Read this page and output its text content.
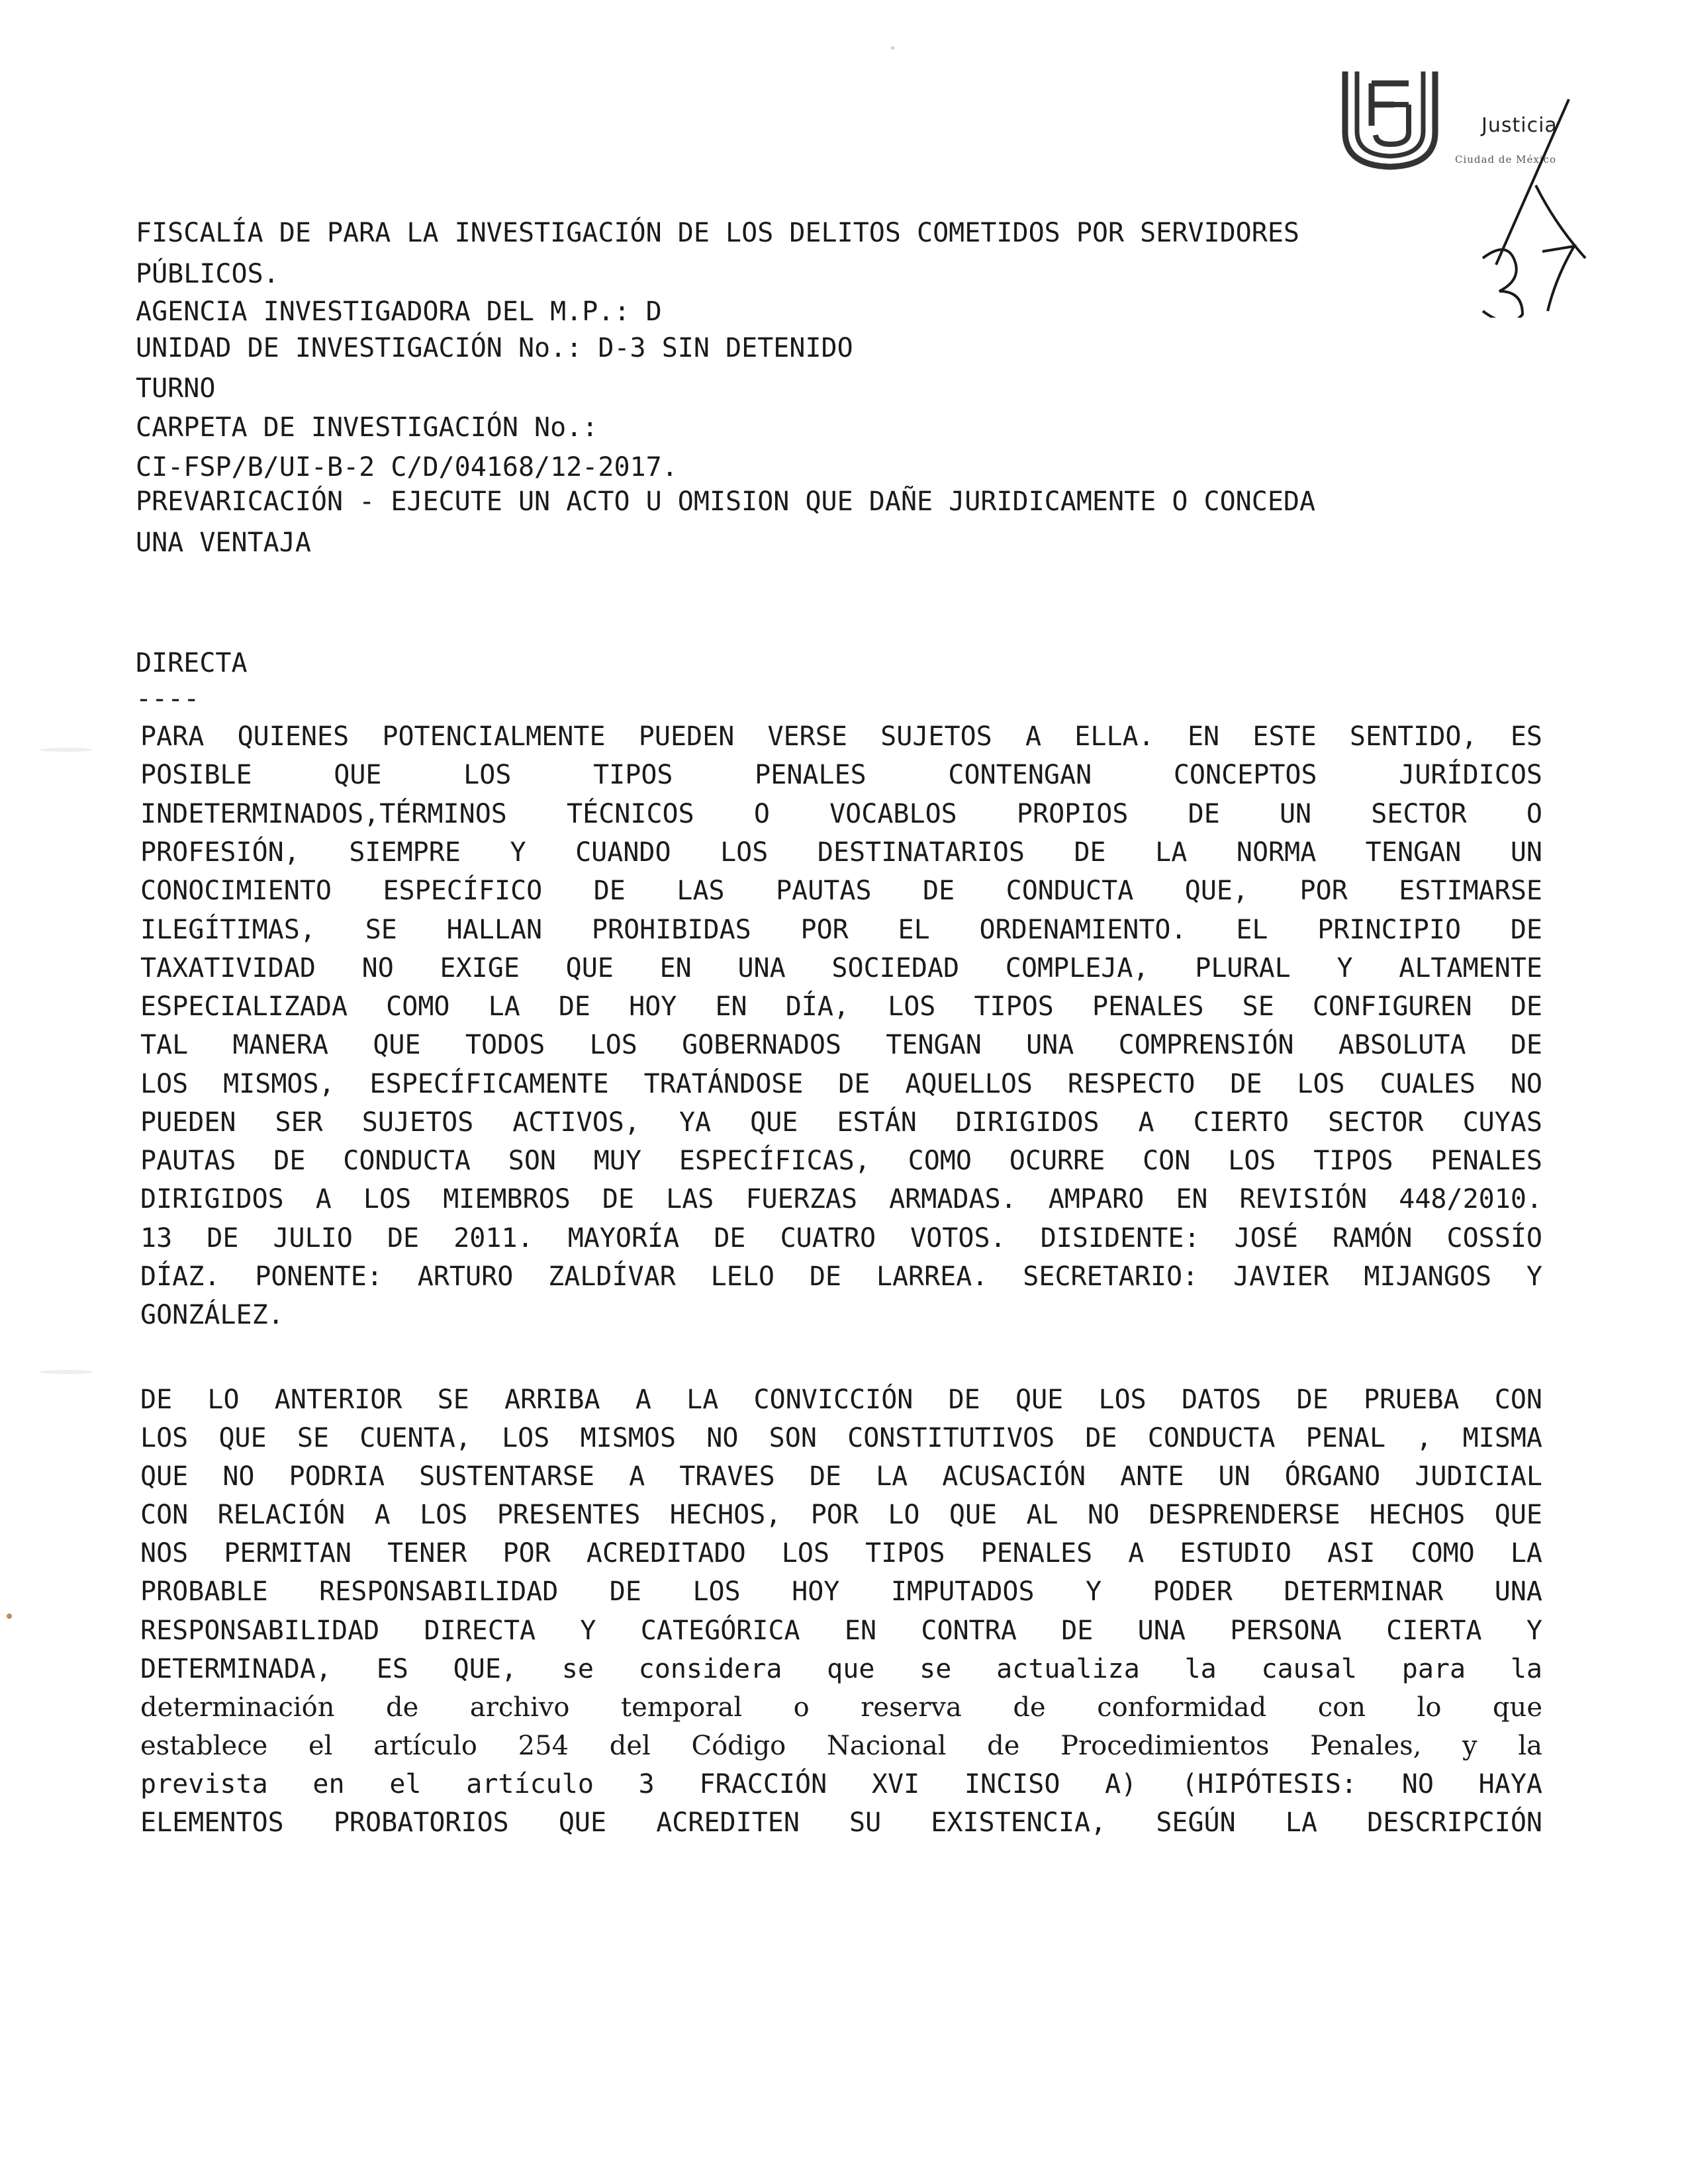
Justicia
Ciudad de México
FISCALÍA DE PARA LA INVESTIGACIÓN DE LOS DELITOS COMETIDOS POR SERVIDORES
PÚBLICOS.
AGENCIA INVESTIGADORA DEL M.P.: D
UNIDAD DE INVESTIGACIÓN No.: D-3 SIN DETENIDO
TURNO
CARPETA DE INVESTIGACIÓN No.:
CI-FSP/B/UI-B-2 C/D/04168/12-2017.
PREVARICACIÓN - EJECUTE UN ACTO U OMISION QUE DAÑE JURIDICAMENTE O CONCEDA
UNA VENTAJA
DIRECTA
----
PARA QUIENES POTENCIALMENTE PUEDEN VERSE SUJETOS A ELLA. EN ESTE SENTIDO, ES
POSIBLE QUE LOS TIPOS PENALES CONTENGAN CONCEPTOS JURÍDICOS
INDETERMINADOS,TÉRMINOS TÉCNICOS O VOCABLOS PROPIOS DE UN SECTOR O
PROFESIÓN, SIEMPRE Y CUANDO LOS DESTINATARIOS DE LA NORMA TENGAN UN
CONOCIMIENTO ESPECÍFICO DE LAS PAUTAS DE CONDUCTA QUE, POR ESTIMARSE
ILEGÍTIMAS, SE HALLAN PROHIBIDAS POR EL ORDENAMIENTO. EL PRINCIPIO DE
TAXATIVIDAD NO EXIGE QUE EN UNA SOCIEDAD COMPLEJA, PLURAL Y ALTAMENTE
ESPECIALIZADA COMO LA DE HOY EN DÍA, LOS TIPOS PENALES SE CONFIGUREN DE
TAL MANERA QUE TODOS LOS GOBERNADOS TENGAN UNA COMPRENSIÓN ABSOLUTA DE
LOS MISMOS, ESPECÍFICAMENTE TRATÁNDOSE DE AQUELLOS RESPECTO DE LOS CUALES NO
PUEDEN SER SUJETOS ACTIVOS, YA QUE ESTÁN DIRIGIDOS A CIERTO SECTOR CUYAS
PAUTAS DE CONDUCTA SON MUY ESPECÍFICAS, COMO OCURRE CON LOS TIPOS PENALES
DIRIGIDOS A LOS MIEMBROS DE LAS FUERZAS ARMADAS. AMPARO EN REVISIÓN 448/2010.
13 DE JULIO DE 2011. MAYORÍA DE CUATRO VOTOS. DISIDENTE: JOSÉ RAMÓN COSSÍO
DÍAZ. PONENTE: ARTURO ZALDÍVAR LELO DE LARREA. SECRETARIO: JAVIER MIJANGOS Y
GONZÁLEZ.
DE LO ANTERIOR SE ARRIBA A LA CONVICCIÓN DE QUE LOS DATOS DE PRUEBA CON
LOS QUE SE CUENTA, LOS MISMOS NO SON CONSTITUTIVOS DE CONDUCTA PENAL , MISMA
QUE NO PODRIA SUSTENTARSE A TRAVES DE LA ACUSACIÓN ANTE UN ÓRGANO JUDICIAL
CON RELACIÓN A LOS PRESENTES HECHOS, POR LO QUE AL NO DESPRENDERSE HECHOS QUE
NOS PERMITAN TENER POR ACREDITADO LOS TIPOS PENALES A ESTUDIO ASI COMO LA
PROBABLE RESPONSABILIDAD DE LOS HOY IMPUTADOS Y PODER DETERMINAR UNA
RESPONSABILIDAD DIRECTA Y CATEGÓRICA EN CONTRA DE UNA PERSONA CIERTA Y
DETERMINADA, ES QUE, se considera que se actualiza la causal para la
determinación de archivo temporal o reserva de conformidad con lo que
establece el artículo 254 del Código Nacional de Procedimientos Penales, y la
prevista en el artículo 3 FRACCIÓN XVI INCISO A) (HIPÓTESIS: NO HAYA
ELEMENTOS PROBATORIOS QUE ACREDITEN SU EXISTENCIA, SEGÚN LA DESCRIPCIÓN
